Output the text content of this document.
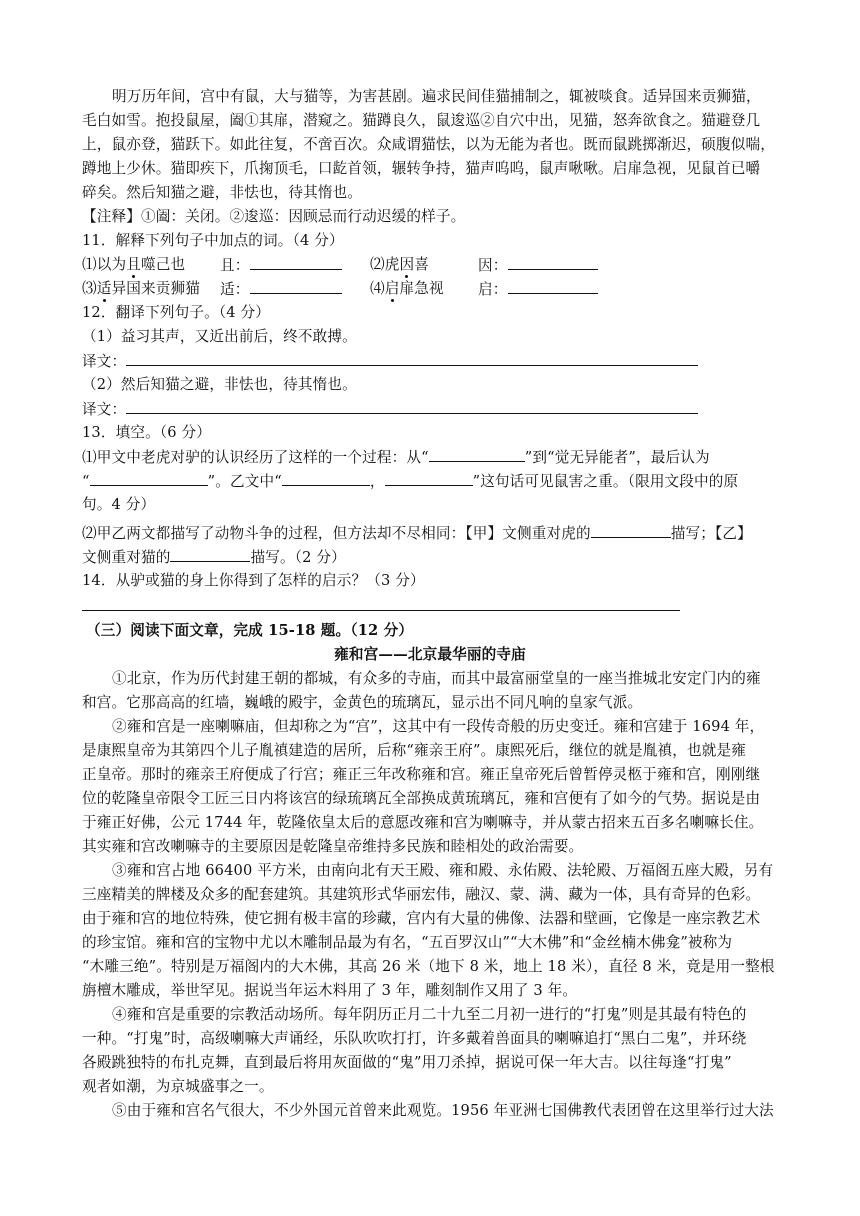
明万历年间，宫中有鼠，大与猫等，为害甚剧。遍求民间佳猫捕制之，辄被啖食。适异国来贡狮猫，
毛白如雪。抱投鼠屋，阖①其扉，潜窥之。猫蹲良久，鼠逡巡②自穴中出，见猫，怒奔欲食之。猫避登几
上，鼠亦登，猫跃下。如此往复，不啻百次。众咸谓猫怯，以为无能为者也。既而鼠跳掷渐迟，硕腹似喘，
蹲地上少休。猫即疾下，爪掬顶毛，口龁首领，辗转争持，猫声呜呜，鼠声啾啾。启扉急视，见鼠首已嚼
碎矣。然后知猫之避，非怯也，待其惰也。
【注释】①阖：关闭。②逡巡：因顾忌而行动迟缓的样子。
11．解释下列句子中加点的词。（4 分）
⑴以为且噬己也 且：	⑵虎因喜	因：
⑶适异国来贡狮猫 适：	⑷启扉急视 启：
12．翻译下列句子。（4 分）
（1）益习其声，又近出前后，终不敢搏。
译文：
（2）然后知猫之避，非怯也，待其惰也。
译文：
13．填空。（6 分）
⑴甲文中老虎对驴的认识经历了这样的一个过程：从“	”到“觉无异能者”，最后认为
“	”。乙文中“	，	”这句话可见鼠害之重。（限用文段中的原
句。4 分）
⑵甲乙两文都描写了动物斗争的过程，但方法却不尽相同：【甲】文侧重对虎的	描写；【乙】
文侧重对猫的	描写。（2 分）
14．从驴或猫的身上你得到了怎样的启示？（3 分）
（三）阅读下面文章，完成 15-18 题。（12 分）
雍和宫——北京最华丽的寺庙
①北京，作为历代封建王朝的都城，有众多的寺庙，而其中最富丽堂皇的一座当推城北安定门内的雍
和宫。它那高高的红墙，巍峨的殿宇，金黄色的琉璃瓦，显示出不同凡响的皇家气派。
②雍和宫是一座喇嘛庙，但却称之为“宫”，这其中有一段传奇般的历史变迁。雍和宫建于 1694 年，
是康熙皇帝为其第四个儿子胤禛建造的居所，后称“雍亲王府”。康熙死后，继位的就是胤禛，也就是雍
正皇帝。那时的雍亲王府便成了行宫；雍正三年改称雍和宫。雍正皇帝死后曾暂停灵柩于雍和宫，刚刚继
位的乾隆皇帝限令工匠三日内将该宫的绿琉璃瓦全部换成黄琉璃瓦，雍和宫便有了如今的气势。据说是由
于雍正好佛，公元 1744 年，乾隆依皇太后的意愿改雍和宫为喇嘛寺，并从蒙古招来五百多名喇嘛长住。
其实雍和宫改喇嘛寺的主要原因是乾隆皇帝维持多民族和睦相处的政治需要。
③雍和宫占地 66400 平方米，由南向北有天王殿、雍和殿、永佑殿、法轮殿、万福阁五座大殿，另有
三座精美的牌楼及众多的配套建筑。其建筑形式华丽宏伟，融汉、蒙、满、藏为一体，具有奇异的色彩。
由于雍和宫的地位特殊，使它拥有极丰富的珍藏，宫内有大量的佛像、法器和壁画，它像是一座宗教艺术
的珍宝馆。雍和宫的宝物中尤以木雕制品最为有名，“五百罗汉山”“大木佛”和“金丝楠木佛龛”被称为
“木雕三绝”。特别是万福阁内的大木佛，其高 26 米（地下 8 米，地上 18 米），直径 8 米，竟是用一整根
旃檀木雕成，举世罕见。据说当年运木料用了 3 年，雕刻制作又用了 3 年。
④雍和宫是重要的宗教活动场所。每年阴历正月二十九至二月初一进行的“打鬼”则是其最有特色的
一种。“打鬼”时，高级喇嘛大声诵经，乐队吹吹打打，许多戴着兽面具的喇嘛追打“黑白二鬼”，并环绕
各殿跳独特的布扎克舞，直到最后将用灰面做的“鬼”用刀杀掉，据说可保一年大吉。以往每逢“打鬼”
观者如潮，为京城盛事之一。
⑤由于雍和宫名气很大，不少外国元首曾来此观览。1956 年亚洲七国佛教代表团曾在这里举行过大法
